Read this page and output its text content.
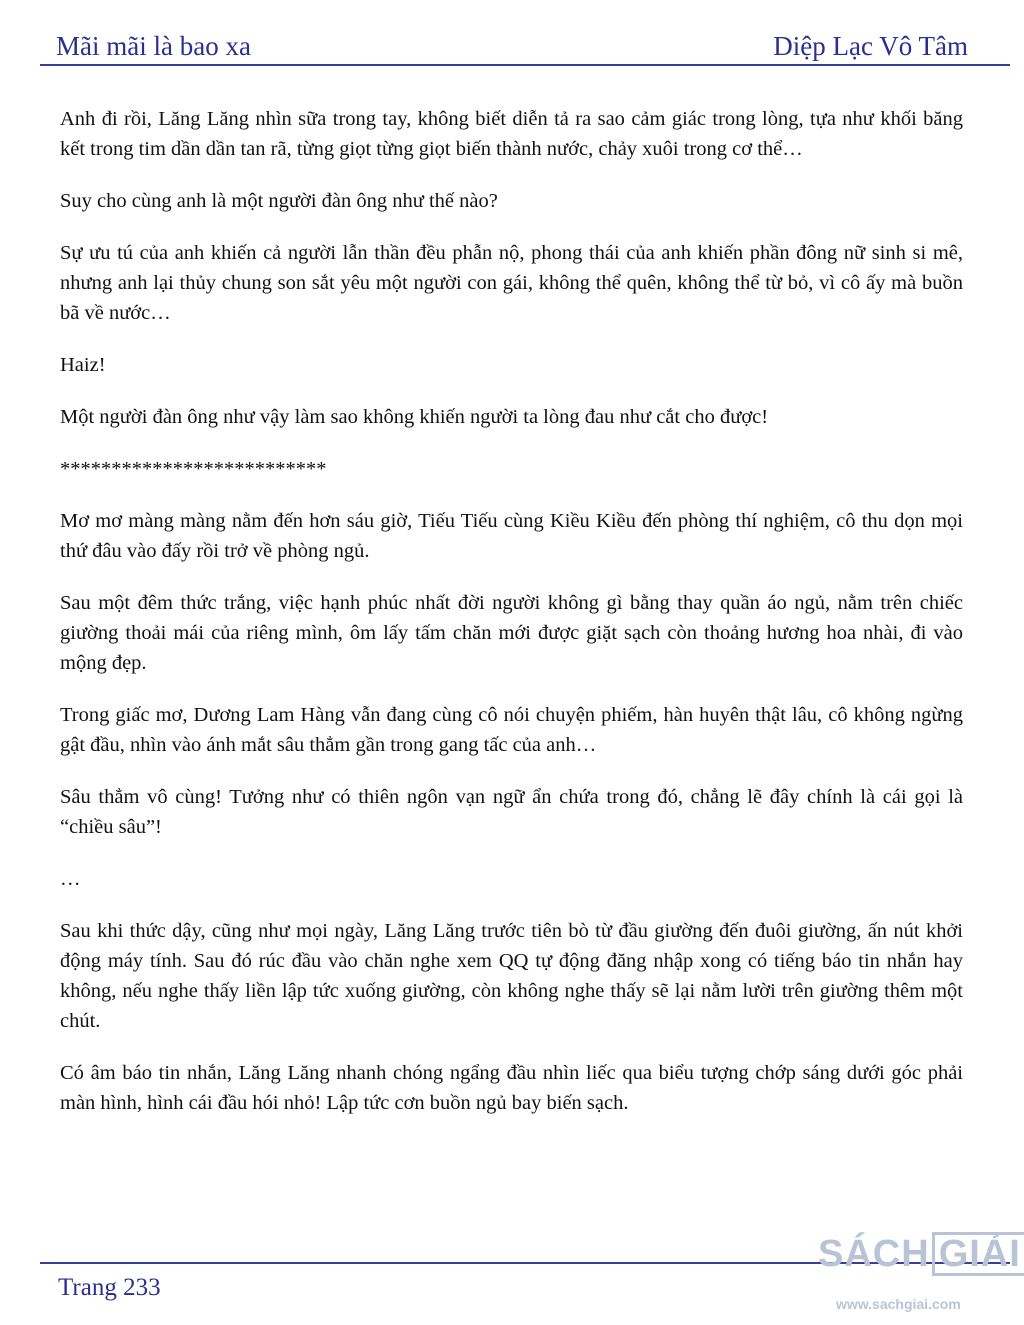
Mãi mãi là bao xa	Diệp Lạc Vô Tâm

Anh đi rồi, Lăng Lăng nhìn sữa trong tay, không biết diễn tả ra sao cảm giác trong lòng, tựa như khối băng kết trong tim dần dần tan rã, từng giọt từng giọt biến thành nước, chảy xuôi trong cơ thể…

Suy cho cùng anh là một người đàn ông như thế nào?

Sự ưu tú của anh khiến cả người lẫn thần đều phẫn nộ, phong thái của anh khiến phần đông nữ sinh si mê, nhưng anh lại thủy chung son sắt yêu một người con gái, không thể quên, không thể từ bỏ, vì cô ấy mà buồn bã về nước…

Haiz!

Một người đàn ông như vậy làm sao không khiến người ta lòng đau như cắt cho được!

**************************

Mơ mơ màng màng nằm đến hơn sáu giờ, Tiếu Tiếu cùng Kiều Kiều đến phòng thí nghiệm, cô thu dọn mọi thứ đâu vào đấy rồi trở về phòng ngủ.

Sau một đêm thức trắng, việc hạnh phúc nhất đời người không gì bằng thay quần áo ngủ, nằm trên chiếc giường thoải mái của riêng mình, ôm lấy tấm chăn mới được giặt sạch còn thoảng hương hoa nhài, đi vào mộng đẹp.

Trong giấc mơ, Dương Lam Hàng vẫn đang cùng cô nói chuyện phiếm, hàn huyên thật lâu, cô không ngừng gật đầu, nhìn vào ánh mắt sâu thẳm gần trong gang tấc của anh…

Sâu thẳm vô cùng! Tưởng như có thiên ngôn vạn ngữ ẩn chứa trong đó, chẳng lẽ đây chính là cái gọi là “chiều sâu”!

…

Sau khi thức dậy, cũng như mọi ngày, Lăng Lăng trước tiên bò từ đầu giường đến đuôi giường, ấn nút khởi động máy tính. Sau đó rúc đầu vào chăn nghe xem QQ tự động đăng nhập xong có tiếng báo tin nhắn hay không, nếu nghe thấy liền lập tức xuống giường, còn không nghe thấy sẽ lại nằm lười trên giường thêm một chút.

Có âm báo tin nhắn, Lăng Lăng nhanh chóng ngẩng đầu nhìn liếc qua biểu tượng chớp sáng dưới góc phải màn hình, hình cái đầu hói nhỏ! Lập tức cơn buồn ngủ bay biến sạch.

Trang 233
SÁCH GIẢI
www.sachgiai.com
